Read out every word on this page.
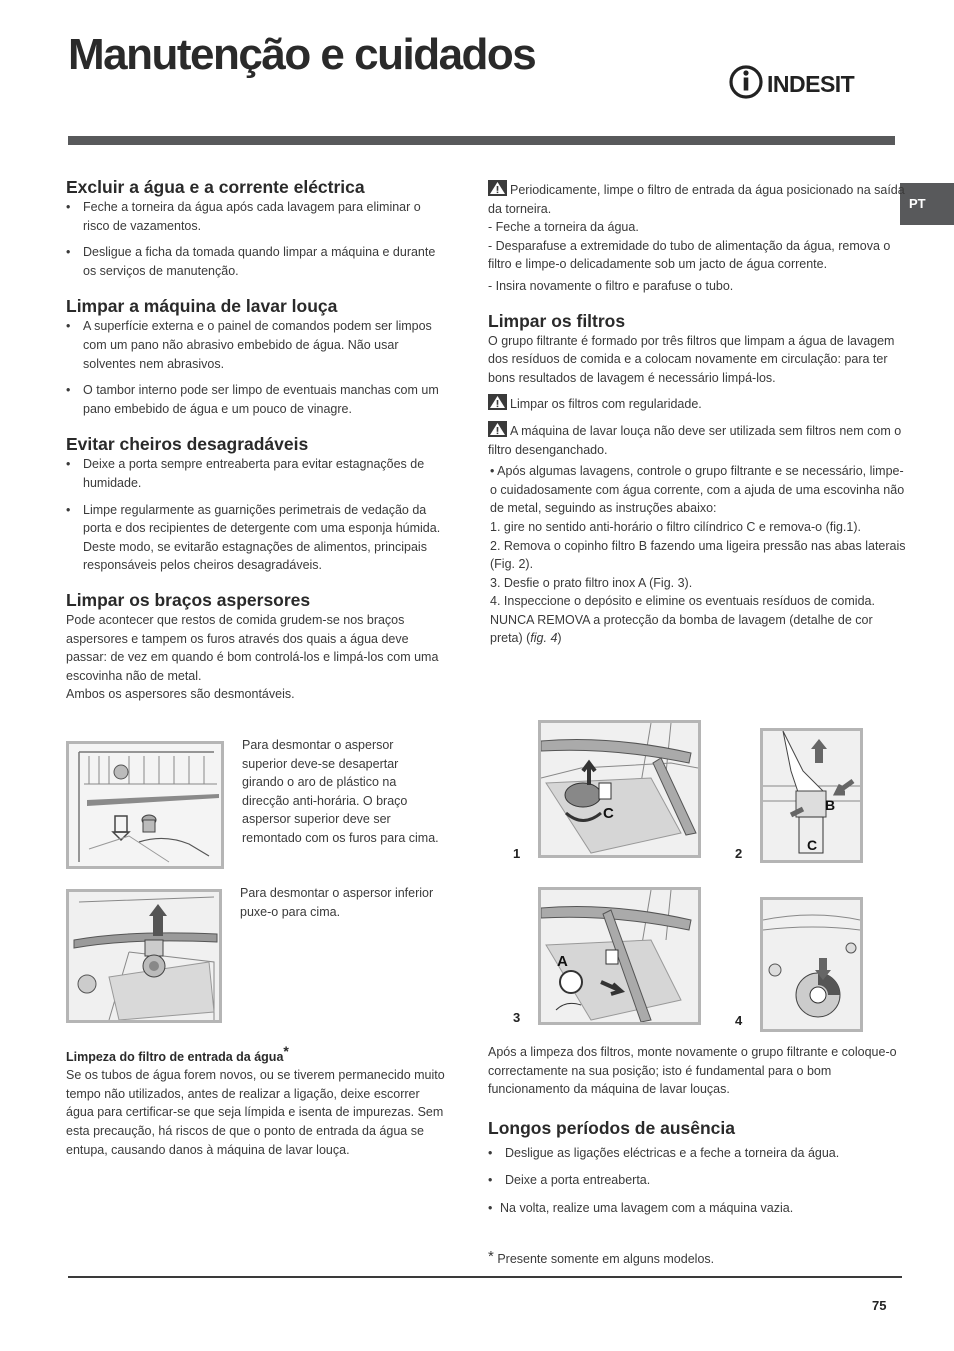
Manutenção e cuidados
INDESIT
PT
Excluir a água e a corrente eléctrica
• Feche a torneira da água após cada lavagem para eliminar o risco de vazamentos.
• Desligue a ficha da tomada quando limpar a máquina e durante os serviços de manutenção.
Limpar a máquina de lavar louça
• A superfície externa e o painel de comandos podem ser limpos com um pano não abrasivo embebido de água. Não usar solventes nem abrasivos.
• O tambor interno pode ser limpo de eventuais manchas com um pano embebido de água e um pouco de vinagre.
Evitar cheiros desagradáveis
• Deixe a porta sempre entreaberta para evitar estagnações de humidade.
• Limpe regularmente as guarnições perimetrais de vedação da porta e dos recipientes de detergente com uma esponja húmida. Deste modo, se evitarão estagnações de alimentos, principais responsáveis pelos cheiros desagradáveis.
Limpar os braços aspersores

Pode acontecer que restos de comida grudem-se nos braços aspersores e tampem os furos através dos quais a água deve passar: de vez em quando é bom controlá-los e limpá-los com uma escovinha não de metal.

Ambos os aspersores são desmontáveis.

Para desmontar o aspersor superior deve-se desapertar girando o aro de plástico na direcção anti-horária. O braço aspersor superior deve ser remontado com os furos para cima.
Para desmontar o aspersor inferior puxe-o para cima.
Limpeza do filtro de entrada da água*

Se os tubos de água forem novos, ou se tiverem permanecido muito tempo não utilizados, antes de realizar a ligação, deixe escorrer água para certificar-se que seja límpida e isenta de impurezas. Sem esta precaução, há riscos de que o ponto de entrada da água se entupa, causando danos à máquina de lavar louça.

Periodicamente, limpe o filtro de entrada da água posicionado na saída da torneira.

- Feche a torneira da água.

- Desparafuse a extremidade do tubo de alimentação da água, remova o filtro e limpe-o delicadamente sob um jacto de água corrente.

- Insira novamente o filtro e parafuse o tubo.

Limpar os filtros

O grupo filtrante é formado por três filtros que limpam a água de lavagem dos resíduos de comida e a colocam novamente em circulação: para ter bons resultados de lavagem é necessário limpá-los.

Limpar os filtros com regularidade.

A máquina de lavar louça não deve ser utilizada sem filtros nem com o filtro desenganchado.

• Após algumas lavagens, controle o grupo filtrante e se necessário, limpe-o cuidadosamente com água corrente, com a ajuda de uma escovinha não de metal, seguindo as instruções abaixo:

1. gire no sentido anti-horário o filtro cilíndrico C e remova-o (fig.1).

2. Remova o copinho filtro B fazendo uma ligeira pressão nas abas laterais (Fig. 2).

3. Desfie o prato filtro inox A (Fig. 3).

4. Inspeccione o depósito e elimine os eventuais resíduos de comida. NUNCA REMOVA a protecção da bomba de lavagem (detalhe de cor preta) (fig. 4)

C
1
B
C
2
A
3	4

Após a limpeza dos filtros, monte novamente o grupo filtrante e coloque-o correctamente na sua posição; isto é fundamental para o bom funcionamento da máquina de lavar louças.

Longos períodos de ausência
• Desligue as ligações eléctricas e a feche a torneira da água.
• Deixe a porta entreaberta.
• Na volta, realize uma lavagem com a máquina vazia.
* Presente somente em alguns modelos.
75
